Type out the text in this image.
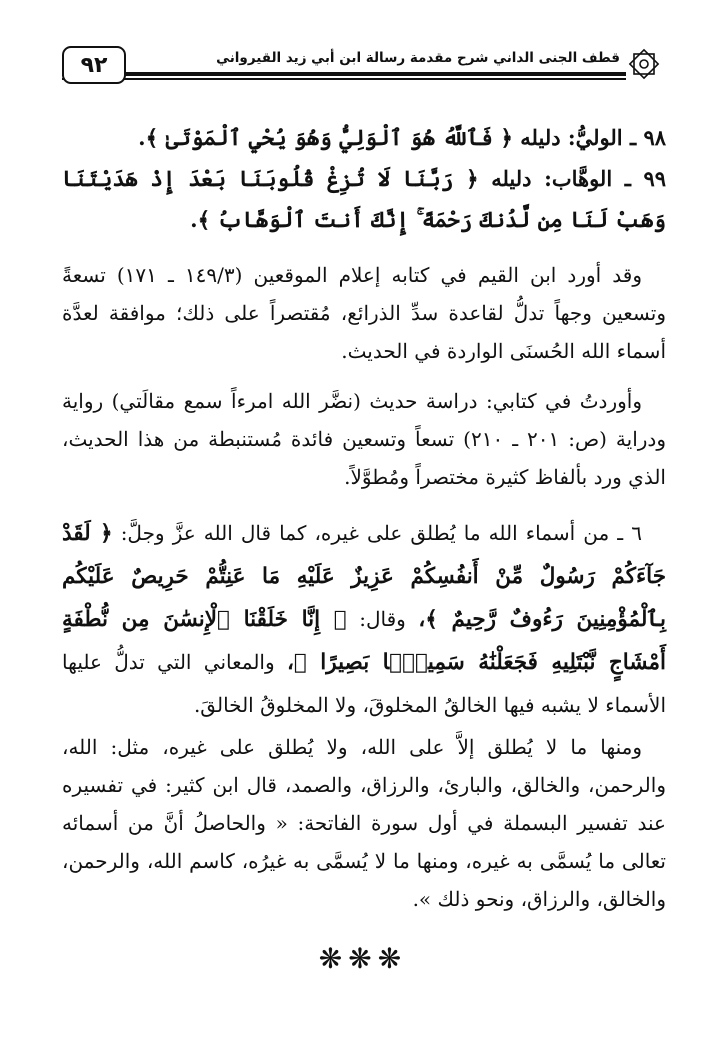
قطف الجنى الداني شرح مقدمة رسالة ابن أبي زيد القيرواني
٩٢

٩٨ ـ الوليُّ: دليله ﴿ فَٱللَّهُ هُوَ ٱلْوَلِيُّ وَهُوَ يُحْيِ ٱلْمَوْتَىٰ ﴾.

٩٩ ـ الوهَّاب: دليله ﴿ رَبَّنَا لَا تُزِغْ قُلُوبَنَا بَعْدَ إِذْ هَدَيْتَنَا وَهَبْ لَنَا مِن لَّدُنكَ رَحْمَةً ۚ إِنَّكَ أَنتَ ٱلْوَهَّابُ ﴾.

وقد أورد ابن القيم في كتابه إعلام الموقعين (١٤٩/٣ ـ ١٧١) تسعةً وتسعين وجهاً تدلُّ لقاعدة سدِّ الذرائع، مُقتصراً على ذلك؛ موافقة لعدَّة أسماء الله الحُسنَى الواردة في الحديث.

وأوردتُ في كتابي: دراسة حديث (نضَّر الله امرءاً سمع مقالَتي) رواية ودراية (ص: ٢٠١ ـ ٢١٠) تسعاً وتسعين فائدة مُستنبطة من هذا الحديث، الذي ورد بألفاظ كثيرة مختصراً ومُطوَّلاً.

٦ ـ من أسماء الله ما يُطلق على غيره، كما قال الله عزَّ وجلَّ: ﴿ لَقَدْ جَآءَكُمْ رَسُولٌ مِّنْ أَنفُسِكُمْ عَزِيزٌ عَلَيْهِ مَا عَنِتُّمْ حَرِيصٌ عَلَيْكُم بِٱلْمُؤْمِنِينَ رَءُوفٌ رَّحِيمٌ ﴾، وقال: ﴿ إِنَّا خَلَقْنَا ٱلْإِنسَٰنَ مِن نُّطْفَةٍ أَمْشَاجٍ نَّبْتَلِيهِ فَجَعَلْنَٰهُ سَمِيعًۢا بَصِيرًا ﴾، والمعاني التي تدلُّ عليها الأسماء لا يشبه فيها الخالقُ المخلوقَ، ولا المخلوقُ الخالقَ.

ومنها ما لا يُطلق إلاَّ على الله، ولا يُطلق على غيره، مثل: الله، والرحمن، والخالق، والبارئ، والرزاق، والصمد، قال ابن كثير: في تفسيره عند تفسير البسملة في أول سورة الفاتحة: « والحاصلُ أنَّ من أسمائه تعالى ما يُسمَّى به غيره، ومنها ما لا يُسمَّى به غيرُه، كاسم الله، والرحمن، والخالق، والرزاق، ونحو ذلك ».

❋❋❋
